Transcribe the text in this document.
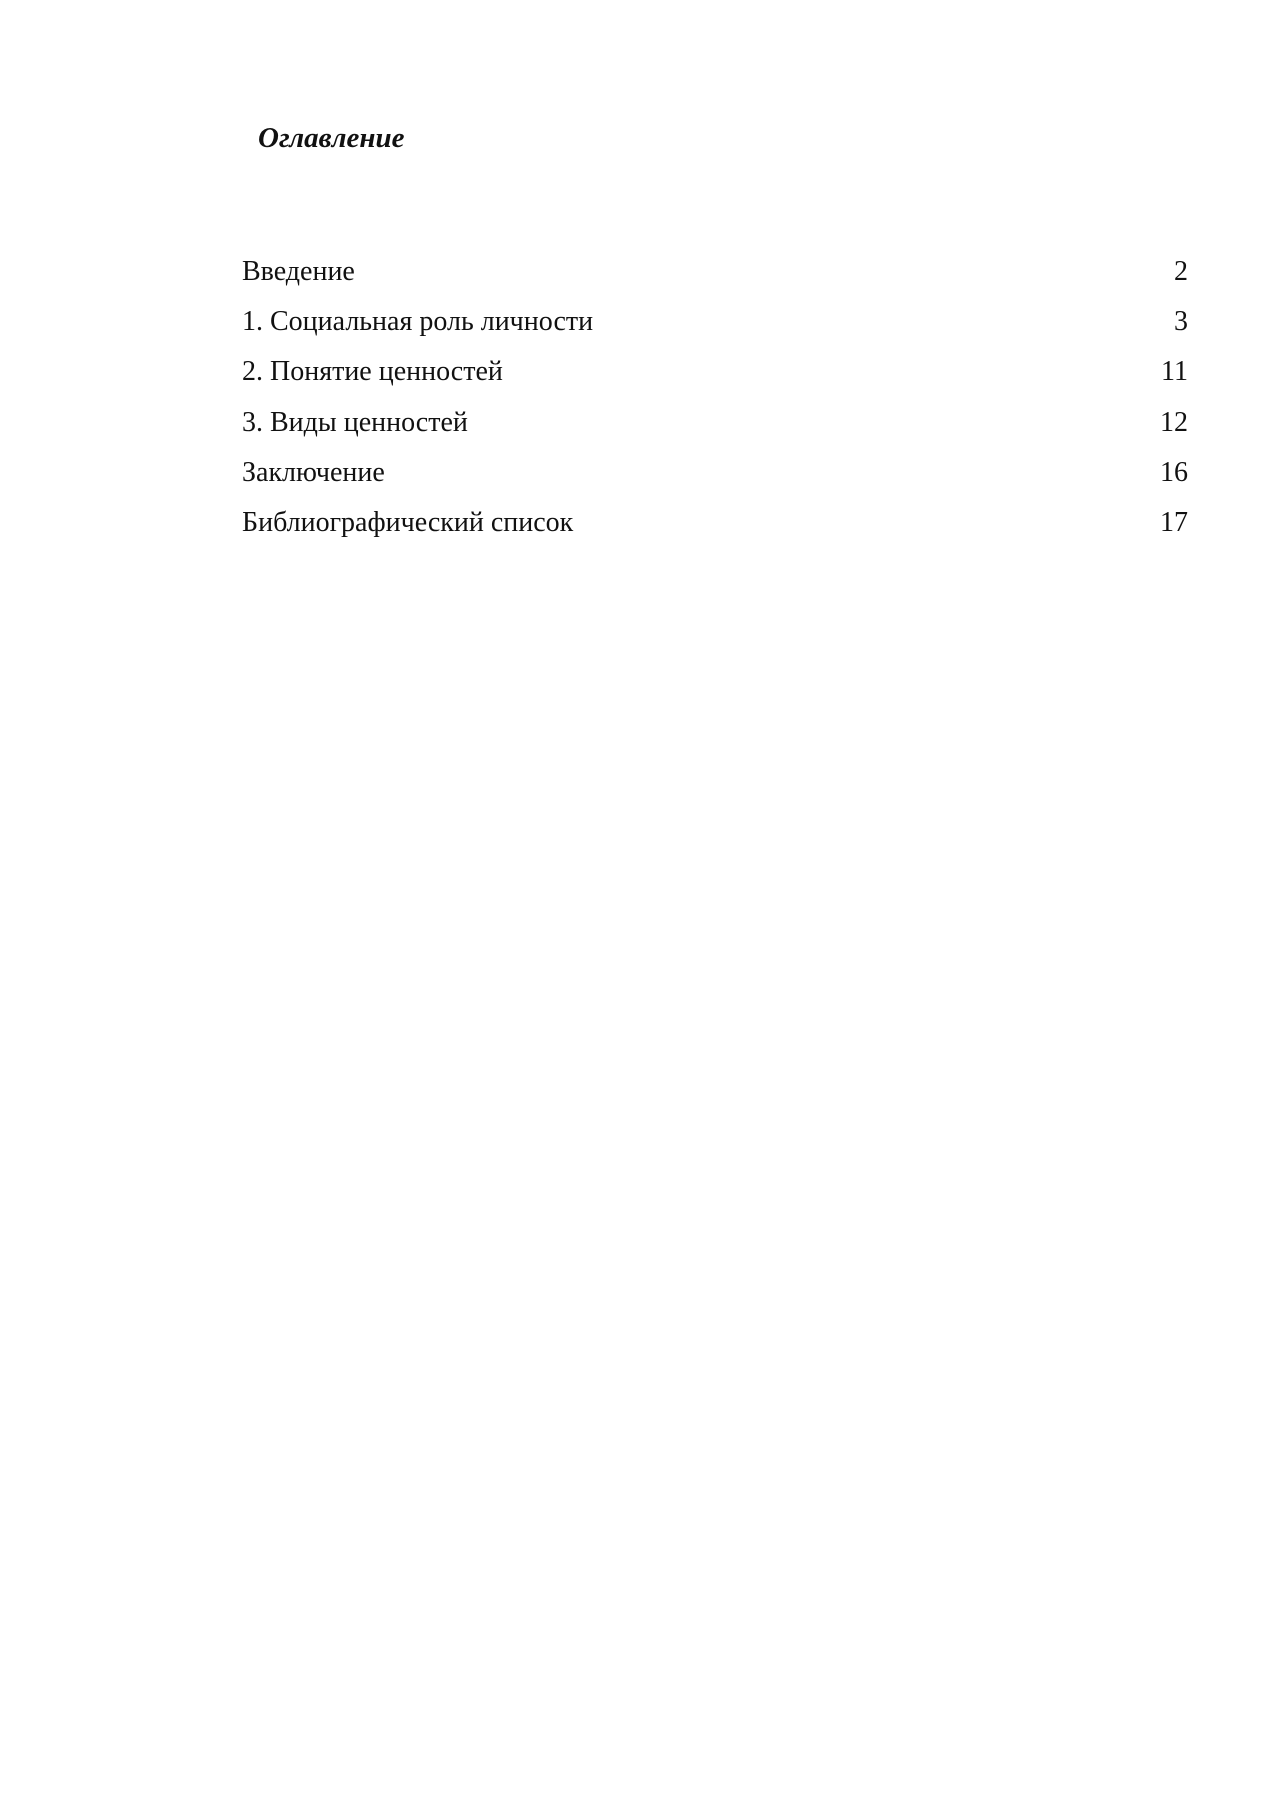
Оглавление
Введение	2
1. Социальная роль личности	3
2. Понятие ценностей	11
3. Виды ценностей	12
Заключение	16
Библиографический список	17
